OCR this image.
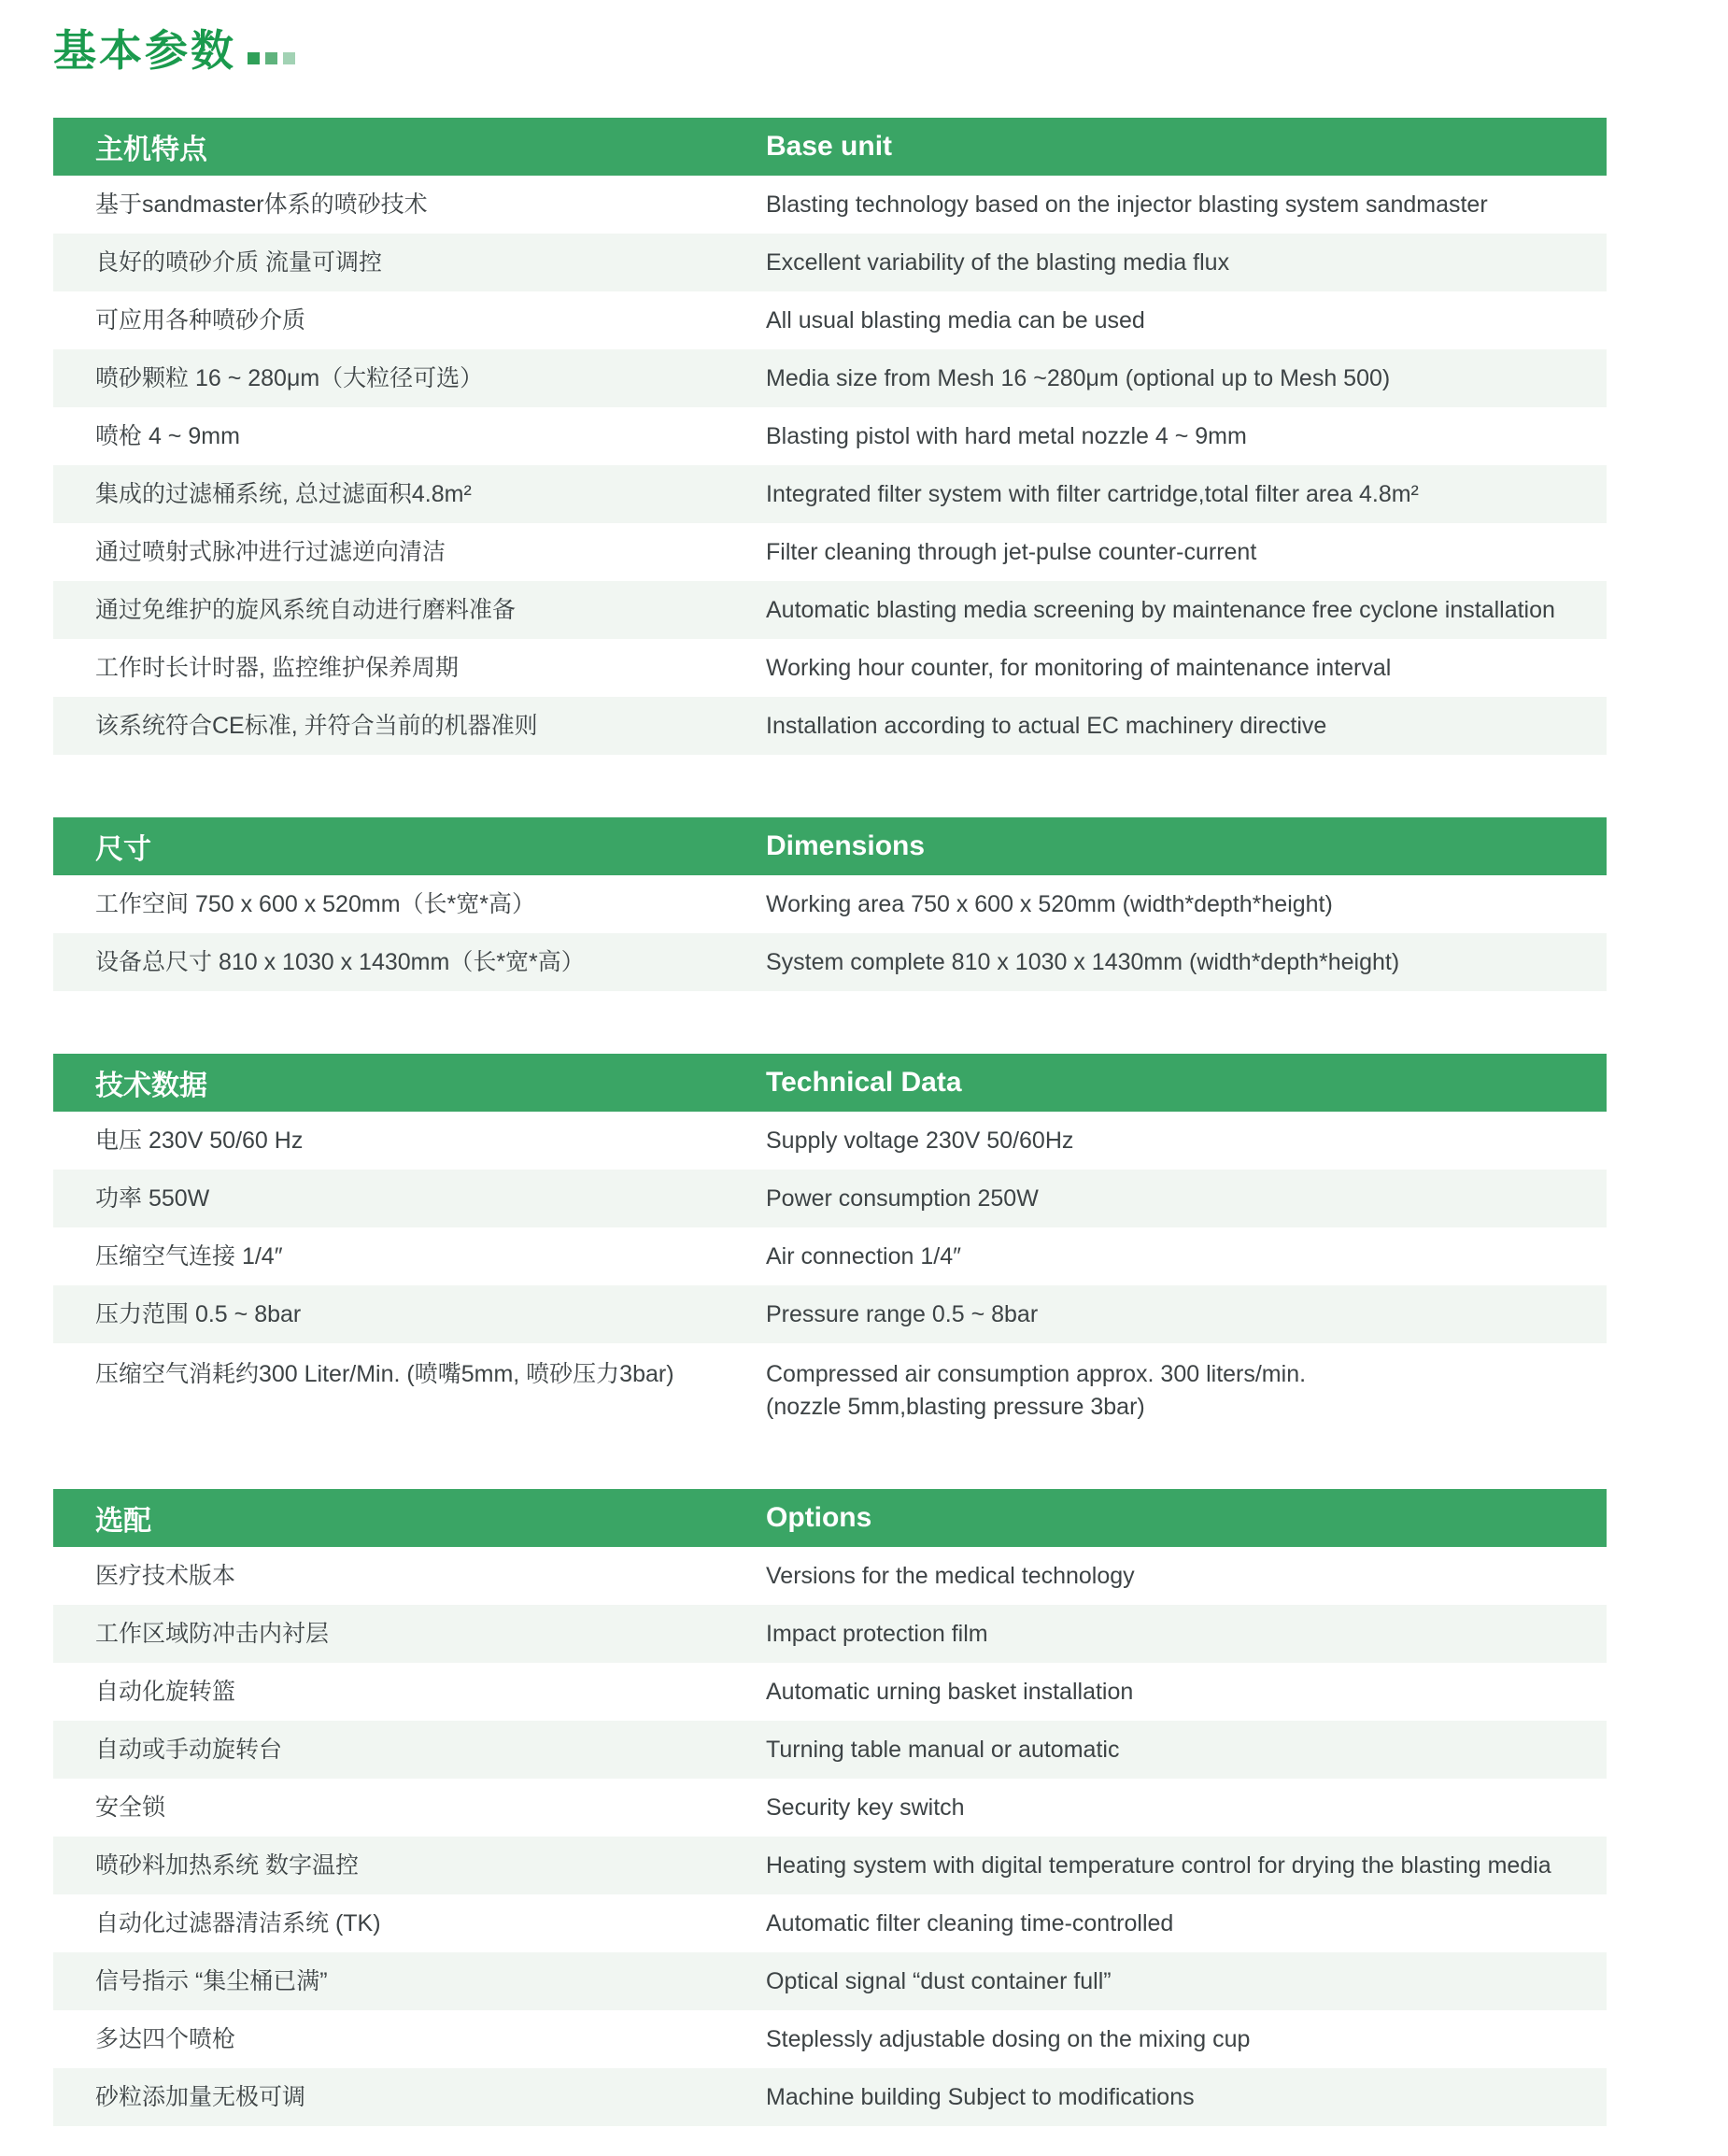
基本参数
主机特点	Base unit
基于sandmaster体系的喷砂技术	Blasting technology based on the injector blasting system sandmaster
良好的喷砂介质 流量可调控	Excellent variability of the blasting media flux
可应用各种喷砂介质	All usual blasting media can be used
喷砂颗粒 16 ~ 280μm（大粒径可选）	Media size from Mesh 16 ~280μm (optional up to Mesh 500)
喷枪 4 ~ 9mm	Blasting pistol with hard metal nozzle 4 ~ 9mm
集成的过滤桶系统, 总过滤面积4.8m²	Integrated filter system with filter cartridge,total filter area 4.8m²
通过喷射式脉冲进行过滤逆向清洁	Filter cleaning through jet-pulse counter-current
通过免维护的旋风系统自动进行磨料准备	Automatic blasting media screening by maintenance free cyclone installation
工作时长计时器, 监控维护保养周期	Working hour counter, for monitoring of maintenance interval
该系统符合CE标准, 并符合当前的机器准则	Installation according to actual EC machinery directive
尺寸	Dimensions
工作空间 750 x 600 x 520mm（长*宽*高）	Working area 750 x 600 x 520mm (width*depth*height)
设备总尺寸 810 x 1030 x 1430mm（长*宽*高）	System complete 810 x 1030 x 1430mm (width*depth*height)
技术数据	Technical Data
电压 230V 50/60 Hz	Supply voltage 230V 50/60Hz
功率 550W	Power consumption 250W
压缩空气连接 1/4″	Air connection 1/4″
压力范围 0.5 ~ 8bar	Pressure range 0.5 ~ 8bar
压缩空气消耗约300 Liter/Min. (喷嘴5mm, 喷砂压力3bar)	Compressed air consumption approx. 300 liters/min.
(nozzle 5mm,blasting pressure 3bar)
选配	Options
医疗技术版本	Versions for the medical technology
工作区域防冲击内衬层	Impact protection film
自动化旋转篮	Automatic urning basket installation
自动或手动旋转台	Turning table manual or automatic
安全锁	Security key switch
喷砂料加热系统 数字温控	Heating system with digital temperature control for drying the blasting media
自动化过滤器清洁系统 (TK)	Automatic filter cleaning time-controlled
信号指示 “集尘桶已满”	Optical signal “dust container full”
多达四个喷枪	Steplessly adjustable dosing on the mixing cup
砂粒添加量无极可调	Machine building Subject to modifications
